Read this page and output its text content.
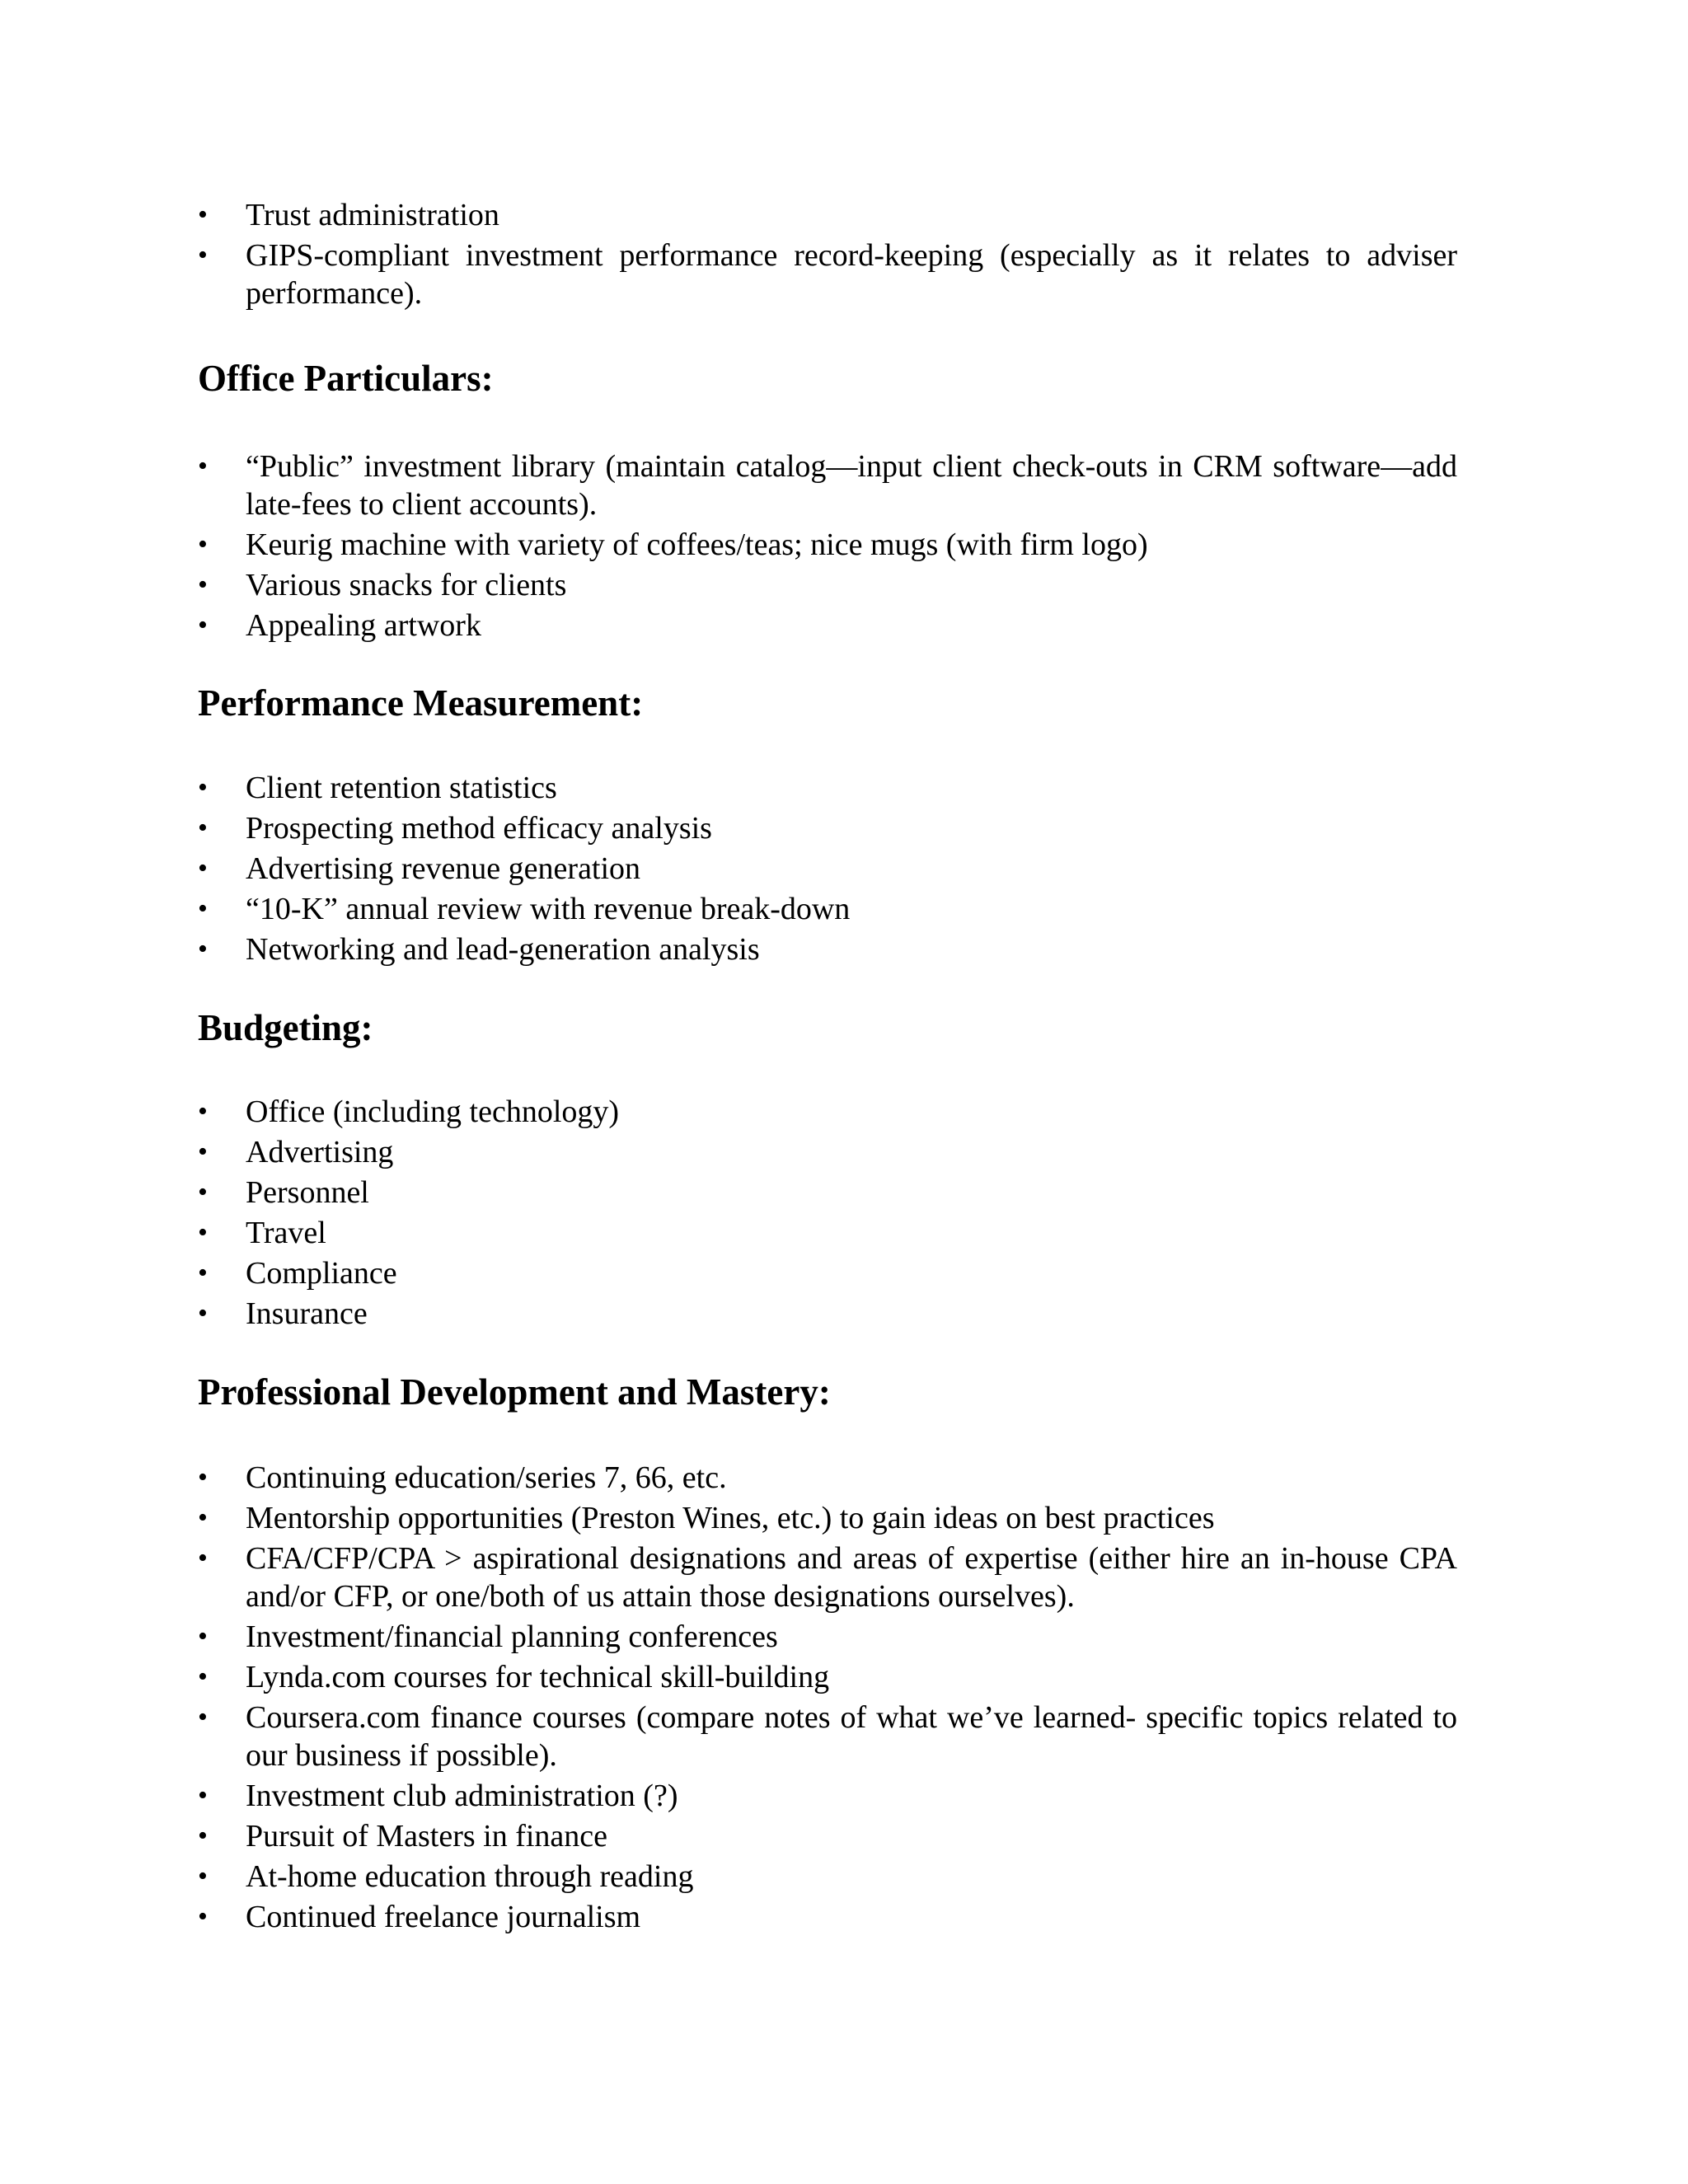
•	Trust administration
•	GIPS-compliant investment performance record-keeping (especially as it relates to adviser performance).
Office Particulars:
•	“Public” investment library (maintain catalog—input client check-outs in CRM software—add late-fees to client accounts).
•	Keurig machine with variety of coffees/teas; nice mugs (with firm logo)
•	Various snacks for clients
•	Appealing artwork
Performance Measurement:
•	Client retention statistics
•	Prospecting method efficacy analysis
•	Advertising revenue generation
•	“10-K” annual review with revenue break-down
•	Networking and lead-generation analysis
Budgeting:
•	Office (including technology)
•	Advertising
•	Personnel
•	Travel
•	Compliance
•	Insurance
Professional Development and Mastery:
•	Continuing education/series 7, 66, etc.
•	Mentorship opportunities (Preston Wines, etc.) to gain ideas on best practices
•	CFA/CFP/CPA > aspirational designations and areas of expertise (either hire an in-house CPA and/or CFP, or one/both of us attain those designations ourselves).
•	Investment/financial planning conferences
•	Lynda.com courses for technical skill-building
•	Coursera.com finance courses (compare notes of what we’ve learned- specific topics related to our business if possible).
•	Investment club administration (?)
•	Pursuit of Masters in finance
•	At-home education through reading
•	Continued freelance journalism
